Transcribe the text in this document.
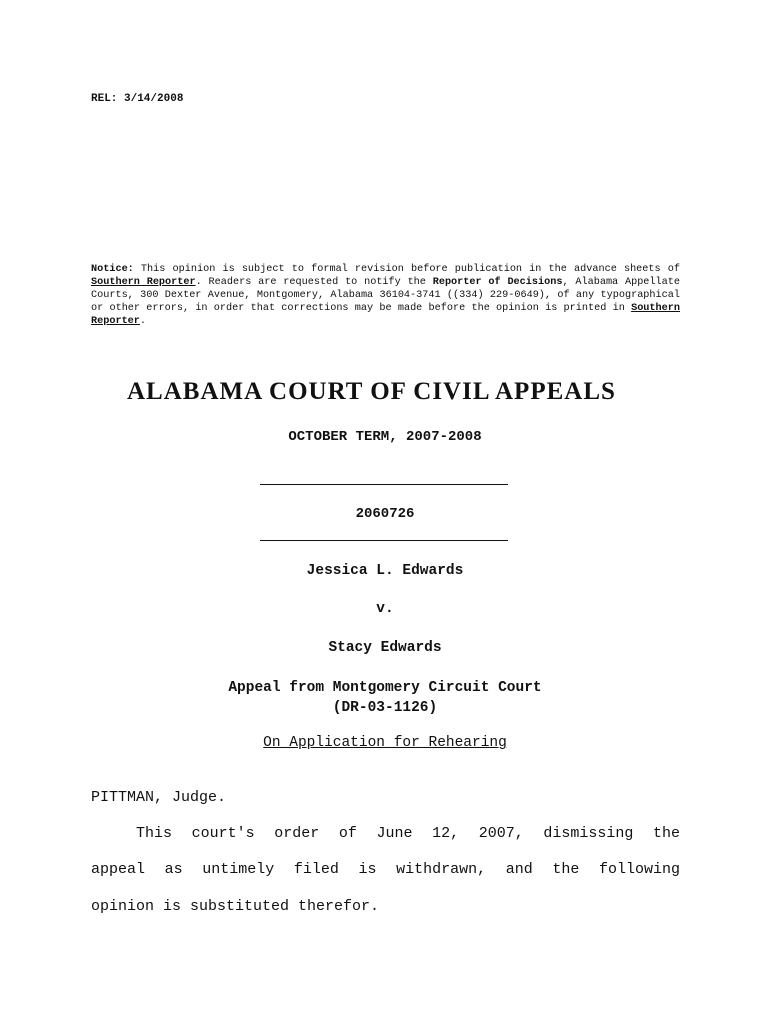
REL: 3/14/2008
Notice: This opinion is subject to formal revision before publication in the advance sheets of Southern Reporter. Readers are requested to notify the Reporter of Decisions, Alabama Appellate Courts, 300 Dexter Avenue, Montgomery, Alabama 36104-3741 ((334) 229-0649), of any typographical or other errors, in order that corrections may be made before the opinion is printed in Southern Reporter.
ALABAMA COURT OF CIVIL APPEALS
OCTOBER TERM, 2007-2008
2060726
Jessica L. Edwards
v.
Stacy Edwards
Appeal from Montgomery Circuit Court
(DR-03-1126)
On Application for Rehearing
PITTMAN, Judge.
This court's order of June 12, 2007, dismissing the
appeal as untimely filed is withdrawn, and the following
opinion is substituted therefor.
